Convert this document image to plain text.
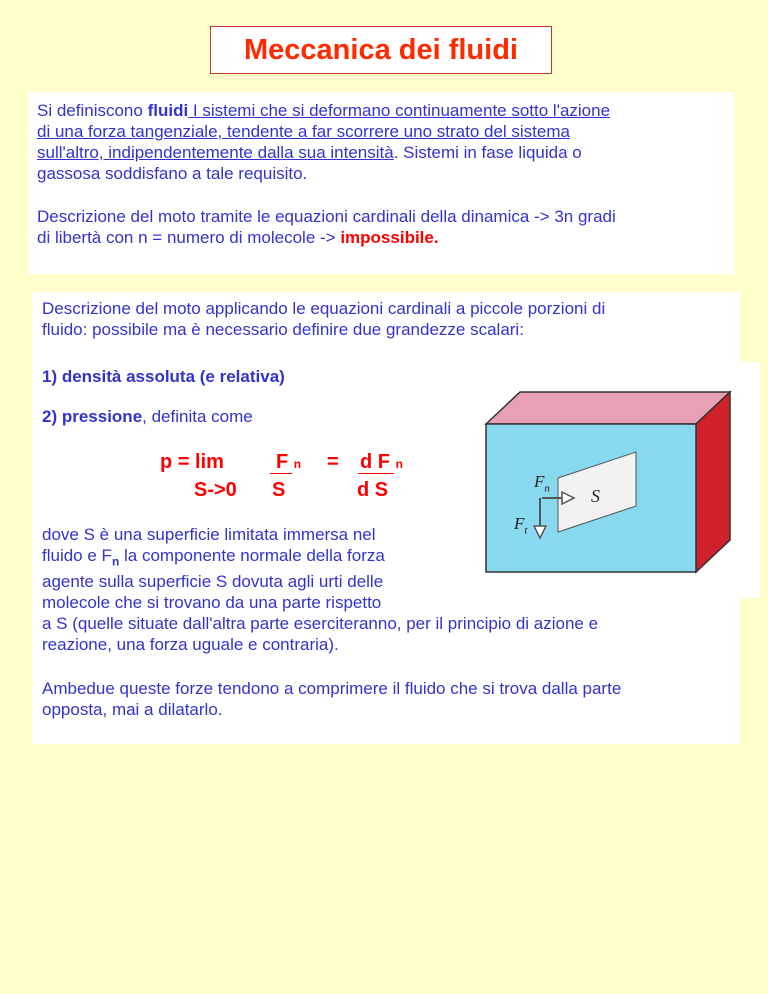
Meccanica dei fluidi
Si definiscono fluidi I sistemi che si deformano continuamente sotto l'azione
di una forza tangenziale, tendente a far scorrere uno strato del sistema
sull'altro, indipendentemente dalla sua intensità. Sistemi in fase liquida o
gassosa soddisfano a tale requisito.
Descrizione del moto tramite le equazioni cardinali della dinamica -> 3n gradi
di libertà con n = numero di molecole -> impossibile.
$F_n$
$F_t$
S
Descrizione del moto applicando le equazioni cardinali a piccole porzioni di
fluido: possibile ma è necessario definire due grandezze scalari:
1) densità assoluta (e relativa)
2) pressione, definita come
p = lim
S->0
F n
S
= d F n
d S
dove S è una superficie limitata immersa nel
fluido e $F_n$ la componente normale della forza
agente sulla superficie S dovuta agli urti delle
molecole che si trovano da una parte rispetto
a S (quelle situate dall'altra parte eserciteranno, per il principio di azione e
reazione, una forza uguale e contraria).
Ambedue queste forze tendono a comprimere il fluido che si trova dalla parte
opposta, mai a dilatarlo.
